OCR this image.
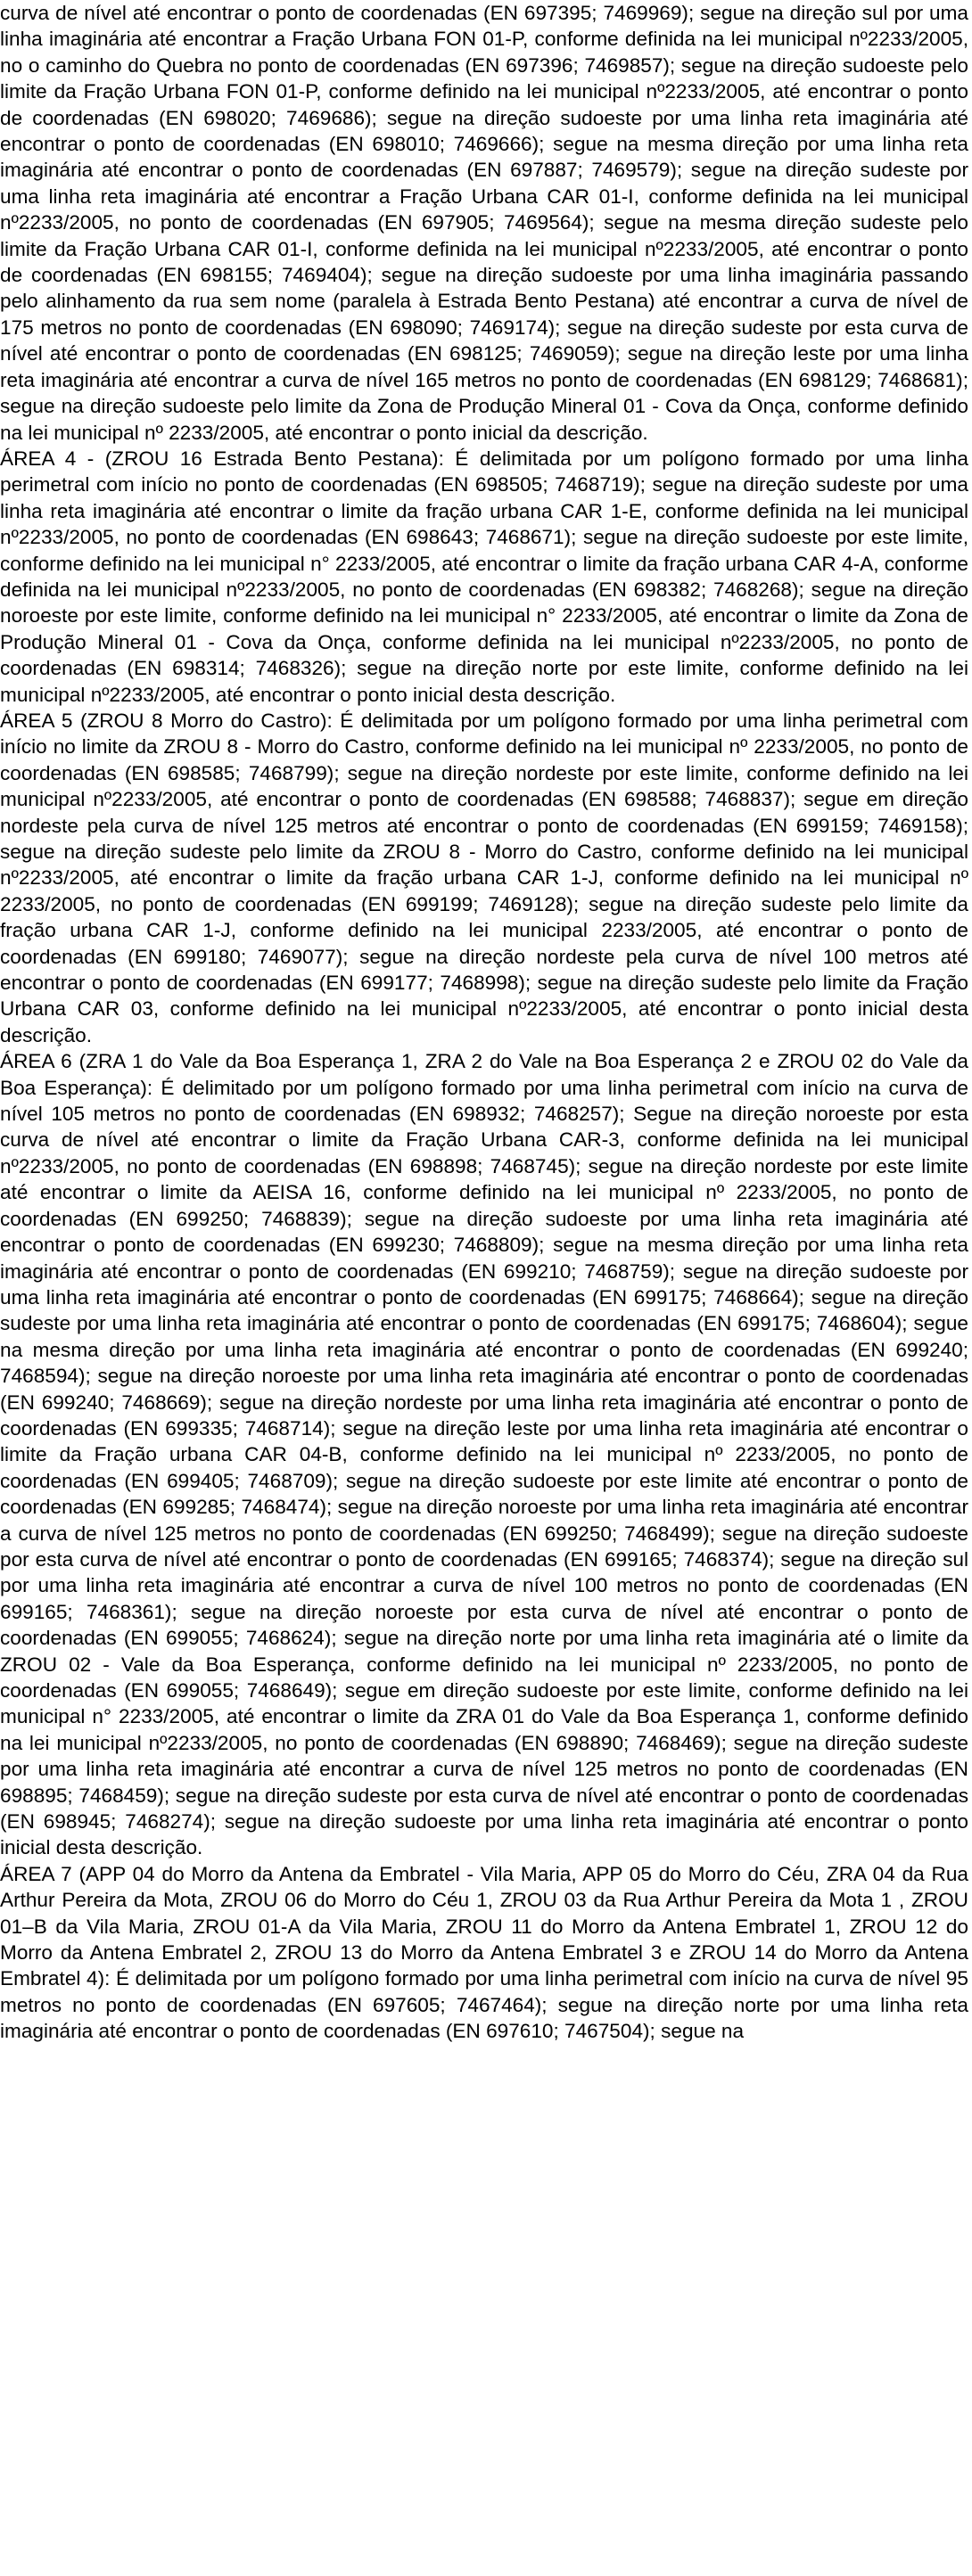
curva de nível até encontrar o ponto de coordenadas (EN 697395; 7469969); segue na direção sul por uma linha imaginária até encontrar a Fração Urbana FON 01-P, conforme definida na lei municipal nº2233/2005, no o caminho do Quebra no ponto de coordenadas (EN 697396; 7469857); segue na direção sudoeste pelo limite da Fração Urbana FON 01-P, conforme definido na lei municipal nº2233/2005, até encontrar o ponto de coordenadas (EN 698020; 7469686); segue na direção sudoeste por uma linha reta imaginária até encontrar o ponto de coordenadas (EN 698010; 7469666); segue na mesma direção por uma linha reta imaginária até encontrar o ponto de coordenadas (EN 697887; 7469579); segue na direção sudeste por uma linha reta imaginária até encontrar a Fração Urbana CAR 01-I, conforme definida na lei municipal nº2233/2005, no ponto de coordenadas (EN 697905; 7469564); segue na mesma direção sudeste pelo limite da Fração Urbana CAR 01-I, conforme definida na lei municipal nº2233/2005, até encontrar o ponto de coordenadas (EN 698155; 7469404); segue na direção sudoeste por uma linha imaginária passando pelo alinhamento da rua sem nome (paralela à Estrada Bento Pestana) até encontrar a curva de nível de 175 metros no ponto de coordenadas (EN 698090; 7469174); segue na direção sudeste por esta curva de nível até encontrar o ponto de coordenadas (EN 698125; 7469059); segue na direção leste por uma linha reta imaginária até encontrar a curva de nível 165 metros no ponto de coordenadas (EN 698129; 7468681); segue na direção sudoeste pelo limite da Zona de Produção Mineral 01 - Cova da Onça, conforme definido na lei municipal nº 2233/2005, até encontrar o ponto inicial da descrição.

ÁREA 4 - (ZROU 16 Estrada Bento Pestana): É delimitada por um polígono formado por uma linha perimetral com início no ponto de coordenadas (EN 698505; 7468719); segue na direção sudeste por uma linha reta imaginária até encontrar o limite da fração urbana CAR 1-E, conforme definida na lei municipal nº2233/2005, no ponto de coordenadas (EN 698643; 7468671); segue na direção sudoeste por este limite, conforme definido na lei municipal n° 2233/2005, até encontrar o limite da fração urbana CAR 4-A, conforme definida na lei municipal nº2233/2005, no ponto de coordenadas (EN 698382; 7468268); segue na direção noroeste por este limite, conforme definido na lei municipal n° 2233/2005, até encontrar o limite da Zona de Produção Mineral 01 - Cova da Onça, conforme definida na lei municipal nº2233/2005, no ponto de coordenadas (EN 698314; 7468326); segue na direção norte por este limite, conforme definido na lei municipal nº2233/2005, até encontrar o ponto inicial desta descrição.

ÁREA 5 (ZROU 8 Morro do Castro): É delimitada por um polígono formado por uma linha perimetral com início no limite da ZROU 8 - Morro do Castro, conforme definido na lei municipal nº 2233/2005, no ponto de coordenadas (EN 698585; 7468799); segue na direção nordeste por este limite, conforme definido na lei municipal nº2233/2005, até encontrar o ponto de coordenadas (EN 698588; 7468837); segue em direção nordeste pela curva de nível 125 metros até encontrar o ponto de coordenadas (EN 699159; 7469158); segue na direção sudeste pelo limite da ZROU 8 - Morro do Castro, conforme definido na lei municipal nº2233/2005, até encontrar o limite da fração urbana CAR 1-J, conforme definido na lei municipal nº 2233/2005, no ponto de coordenadas (EN 699199; 7469128); segue na direção sudeste pelo limite da fração urbana CAR 1-J, conforme definido na lei municipal 2233/2005, até encontrar o ponto de coordenadas (EN 699180; 7469077); segue na direção nordeste pela curva de nível 100 metros até encontrar o ponto de coordenadas (EN 699177; 7468998); segue na direção sudeste pelo limite da Fração Urbana CAR 03, conforme definido na lei municipal nº2233/2005, até encontrar o ponto inicial desta descrição.

ÁREA 6 (ZRA 1 do Vale da Boa Esperança 1, ZRA 2 do Vale na Boa Esperança 2 e ZROU 02 do Vale da Boa Esperança): É delimitado por um polígono formado por uma linha perimetral com início na curva de nível 105 metros no ponto de coordenadas (EN 698932; 7468257); Segue na direção noroeste por esta curva de nível até encontrar o limite da Fração Urbana CAR-3, conforme definida na lei municipal nº2233/2005, no ponto de coordenadas (EN 698898; 7468745); segue na direção nordeste por este limite até encontrar o limite da AEISA 16, conforme definido na lei municipal nº 2233/2005, no ponto de coordenadas (EN 699250; 7468839); segue na direção sudoeste por uma linha reta imaginária até encontrar o ponto de coordenadas (EN 699230; 7468809); segue na mesma direção por uma linha reta imaginária até encontrar o ponto de coordenadas (EN 699210; 7468759); segue na direção sudoeste por uma linha reta imaginária até encontrar o ponto de coordenadas (EN 699175; 7468664); segue na direção sudeste por uma linha reta imaginária até encontrar o ponto de coordenadas (EN 699175; 7468604); segue na mesma direção por uma linha reta imaginária até encontrar o ponto de coordenadas (EN 699240; 7468594); segue na direção noroeste por uma linha reta imaginária até encontrar o ponto de coordenadas (EN 699240; 7468669); segue na direção nordeste por uma linha reta imaginária até encontrar o ponto de coordenadas (EN 699335; 7468714); segue na direção leste por uma linha reta imaginária até encontrar o limite da Fração urbana CAR 04-B, conforme definido na lei municipal nº 2233/2005, no ponto de coordenadas (EN 699405; 7468709); segue na direção sudoeste por este limite até encontrar o ponto de coordenadas (EN 699285; 7468474); segue na direção noroeste por uma linha reta imaginária até encontrar a curva de nível 125 metros no ponto de coordenadas (EN 699250; 7468499); segue na direção sudoeste por esta curva de nível até encontrar o ponto de coordenadas (EN 699165; 7468374); segue na direção sul por uma linha reta imaginária até encontrar a curva de nível 100 metros no ponto de coordenadas (EN 699165; 7468361); segue na direção noroeste por esta curva de nível até encontrar o ponto de coordenadas (EN 699055; 7468624); segue na direção norte por uma linha reta imaginária até o limite da ZROU 02 - Vale da Boa Esperança, conforme definido na lei municipal nº 2233/2005, no ponto de coordenadas (EN 699055; 7468649); segue em direção sudoeste por este limite, conforme definido na lei municipal n° 2233/2005, até encontrar o limite da ZRA 01 do Vale da Boa Esperança 1, conforme definido na lei municipal nº2233/2005, no ponto de coordenadas (EN 698890; 7468469); segue na direção sudeste por uma linha reta imaginária até encontrar a curva de nível 125 metros no ponto de coordenadas (EN 698895; 7468459); segue na direção sudeste por esta curva de nível até encontrar o ponto de coordenadas (EN 698945; 7468274); segue na direção sudoeste por uma linha reta imaginária até encontrar o ponto inicial desta descrição.

ÁREA 7 (APP 04 do Morro da Antena da Embratel - Vila Maria, APP 05 do Morro do Céu, ZRA 04 da Rua Arthur Pereira da Mota, ZROU 06 do Morro do Céu 1, ZROU 03 da Rua Arthur Pereira da Mota 1 , ZROU 01–B da Vila Maria, ZROU 01-A da Vila Maria, ZROU 11 do Morro da Antena Embratel 1, ZROU 12 do Morro da Antena Embratel 2, ZROU 13 do Morro da Antena Embratel 3 e ZROU 14 do Morro da Antena Embratel 4): É delimitada por um polígono formado por uma linha perimetral com início na curva de nível 95 metros no ponto de coordenadas (EN 697605; 7467464); segue na direção norte por uma linha reta imaginária até encontrar o ponto de coordenadas (EN 697610; 7467504); segue na
